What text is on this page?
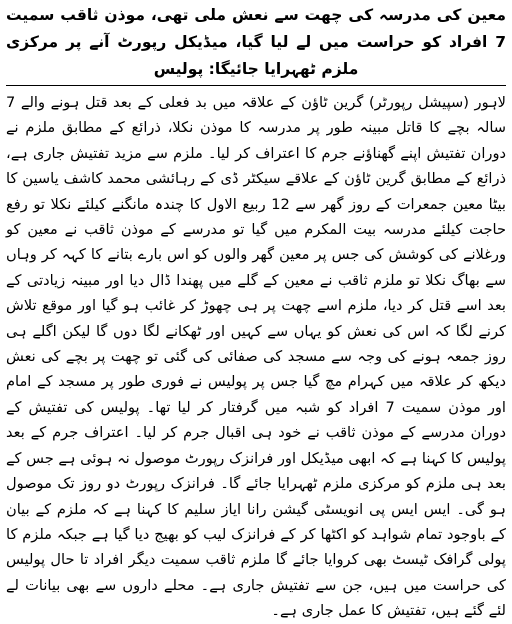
معین کی مدرسہ کی چھت سے نعش ملی تھی، موذن ثاقب سمیت 7 افراد کو حراست میں لے لیا گیا، میڈیکل رپورٹ آنے پر مرکزی ملزم ٹھہرایا جائیگا: پولیس

لاہور (سپیشل رپورٹر) گرین ٹاؤن کے علاقہ میں بد فعلی کے بعد قتل ہونے والے 7 سالہ بچے کا قاتل مبینہ طور پر مدرسہ کا موذن نکلا، ذرائع کے مطابق ملزم نے دوران تفتیش اپنے گھناؤنے جرم کا اعتراف کر لیا۔ ملزم سے مزید تفتیش جاری ہے، ذرائع کے مطابق گرین ٹاؤن کے علاقے سیکٹر ڈی کے رہائشی محمد کاشف یاسین کا بیٹا معین جمعرات کے روز گھر سے 12 ربیع الاول کا چندہ مانگنے کیلئے نکلا تو رفع حاجت کیلئے مدرسہ بیت المکرم میں گیا تو مدرسے کے موذن ثاقب نے معین کو ورغلانے کی کوشش کی جس پر معین گھر والوں کو اس بارے بتانے کا کہہ کر وہاں سے بھاگ نکلا تو ملزم ثاقب نے معین کے گلے میں پھندا ڈال دیا اور مبینہ زیادتی کے بعد اسے قتل کر دیا، ملزم اسے چھت پر ہی چھوڑ کر غائب ہو گیا اور موقع تلاش کرنے لگا کہ اس کی نعش کو یہاں سے کہیں اور ٹھکانے لگا دوں گا لیکن اگلے ہی روز جمعہ ہونے کی وجہ سے مسجد کی صفائی کی گئی تو چھت پر بچے کی نعش دیکھ کر علاقہ میں کہرام مچ گیا جس پر پولیس نے فوری طور پر مسجد کے امام اور موذن سمیت 7 افراد کو شبہ میں گرفتار کر لیا تھا۔ پولیس کی تفتیش کے دوران مدرسے کے موذن ثاقب نے خود ہی اقبال جرم کر لیا۔ اعتراف جرم کے بعد پولیس کا کہنا ہے کہ ابھی میڈیکل اور فرانزک رپورٹ موصول نہ ہوئی ہے جس کے بعد ہی ملزم کو مرکزی ملزم ٹھہرایا جائے گا۔ فرانزک رپورٹ دو روز تک موصول ہو گی۔ ایس ایس پی انویسٹی گیشن رانا ایاز سلیم کا کہنا ہے کہ ملزم کے بیان کے باوجود تمام شواہد کو اکٹھا کر کے فرانزک لیب کو بھیج دیا گیا ہے جبکہ ملزم کا پولی گرافک ٹیسٹ بھی کروایا جائے گا ملزم ثاقب سمیت دیگر افراد تا حال پولیس کی حراست میں ہیں، جن سے تفتیش جاری ہے۔ محلے داروں سے بھی بیانات لے لئے گئے ہیں، تفتیش کا عمل جاری ہے۔
